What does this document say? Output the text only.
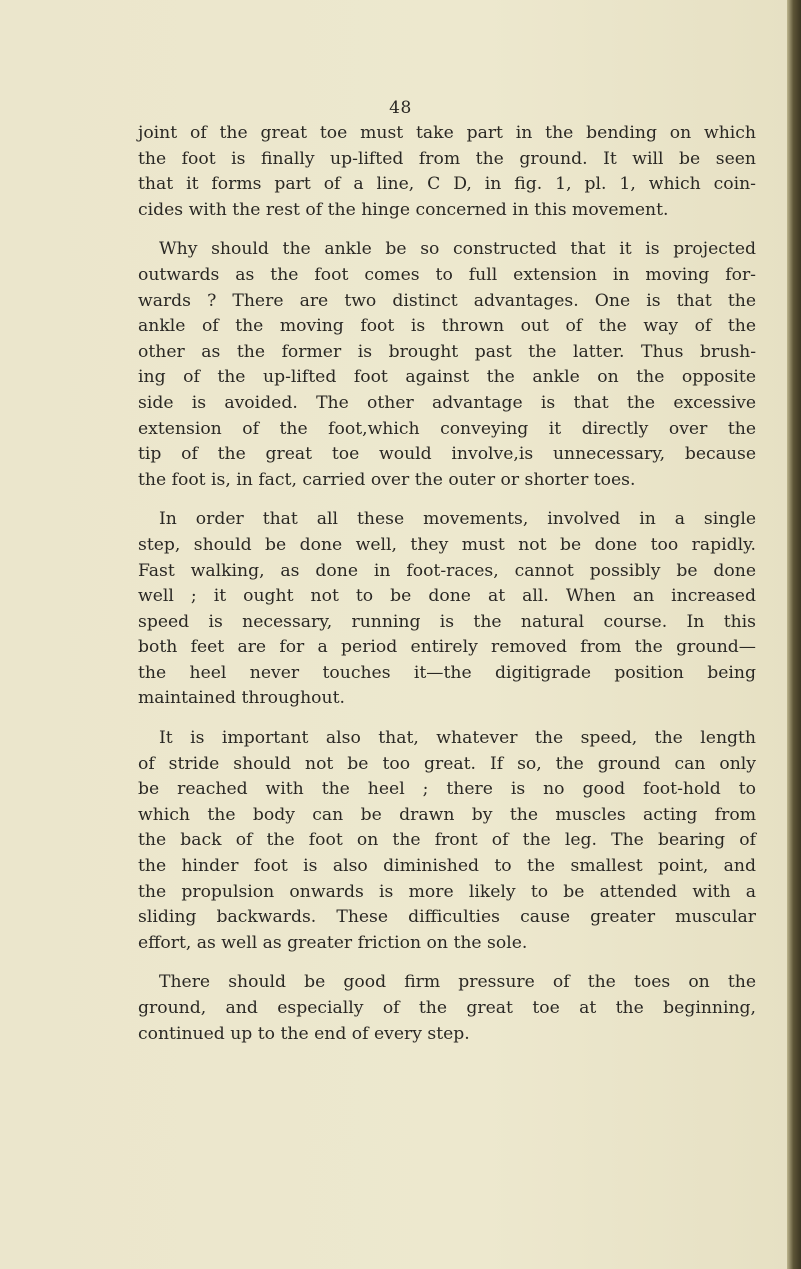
48

joint of the great toe must take part in the bending on which
the foot is finally up-lifted from the ground. It will be seen
that it forms part of a line, C D, in fig. 1, pl. 1, which coin-
cides with the rest of the hinge concerned in this movement.

Why should the ankle be so constructed that it is projected
outwards as the foot comes to full extension in moving for-
wards ? There are two distinct advantages. One is that the
ankle of the moving foot is thrown out of the way of the
other as the former is brought past the latter. Thus brush-
ing of the up-lifted foot against the ankle on the opposite
side is avoided. The other advantage is that the excessive
extension of the foot,which conveying it directly over the
tip of the great toe would involve,is unnecessary, because
the foot is, in fact, carried over the outer or shorter toes.

In order that all these movements, involved in a single
step, should be done well, they must not be done too rapidly.
Fast walking, as done in foot-races, cannot possibly be done
well ; it ought not to be done at all. When an increased
speed is necessary, running is the natural course. In this
both feet are for a period entirely removed from the ground—
the heel never touches it—the digitigrade position being
maintained throughout.

It is important also that, whatever the speed, the length
of stride should not be too great. If so, the ground can only
be reached with the heel ; there is no good foot-hold to
which the body can be drawn by the muscles acting from
the back of the foot on the front of the leg. The bearing of
the hinder foot is also diminished to the smallest point, and
the propulsion onwards is more likely to be attended with a
sliding backwards. These difficulties cause greater muscular
effort, as well as greater friction on the sole.

There should be good firm pressure of the toes on the
ground, and especially of the great toe at the beginning,
continued up to the end of every step.
